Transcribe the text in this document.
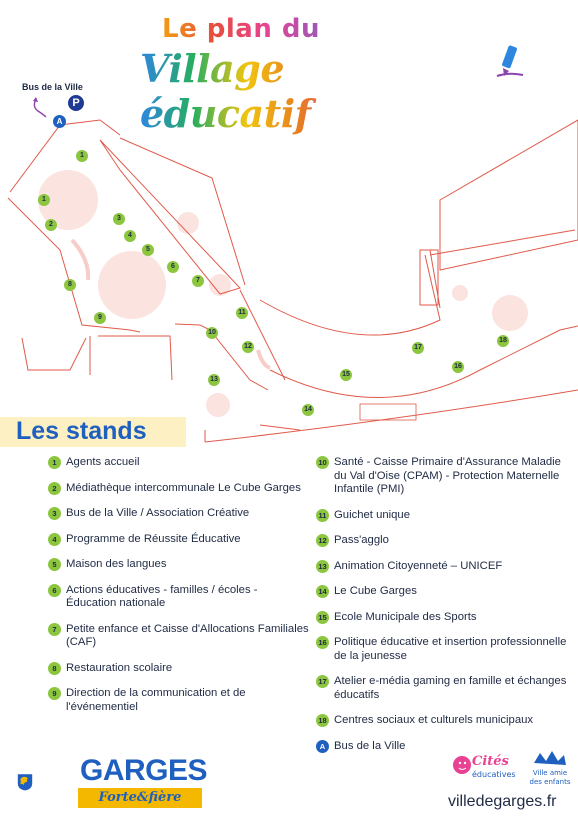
Le plan du
Village éducatif
Bus de la Ville
P
A
1
1
2
3
4
5
6
7
8
9
10
11
12
13
14
15
16
17
18
Les stands
1 Agents accueil
2 Médiathèque intercommunale Le Cube Garges
3 Bus de la Ville / Association Créative
4 Programme de Réussite Éducative
5 Maison des langues
6 Actions éducatives - familles / écoles - Éducation nationale
7 Petite enfance et Caisse d'Allocations Familiales (CAF)
8 Restauration scolaire
9 Direction de la communication et de l'événementiel
10 Santé - Caisse Primaire d'Assurance Maladie du Val d'Oise (CPAM) - Protection Maternelle Infantile (PMI)
11 Guichet unique
12 Pass'agglo
13 Animation Citoyenneté – UNICEF
14 Le Cube Garges
15 Ecole Municipale des Sports
16 Politique éducative et insertion professionnelle de la jeunesse
17 Atelier e-média gaming en famille et échanges éducatifs
18 Centres sociaux et culturels municipaux
A Bus de la Ville
GARGES
Forte&fière
Cités
éducatives Ville amie
des enfants
villedegarges.fr
